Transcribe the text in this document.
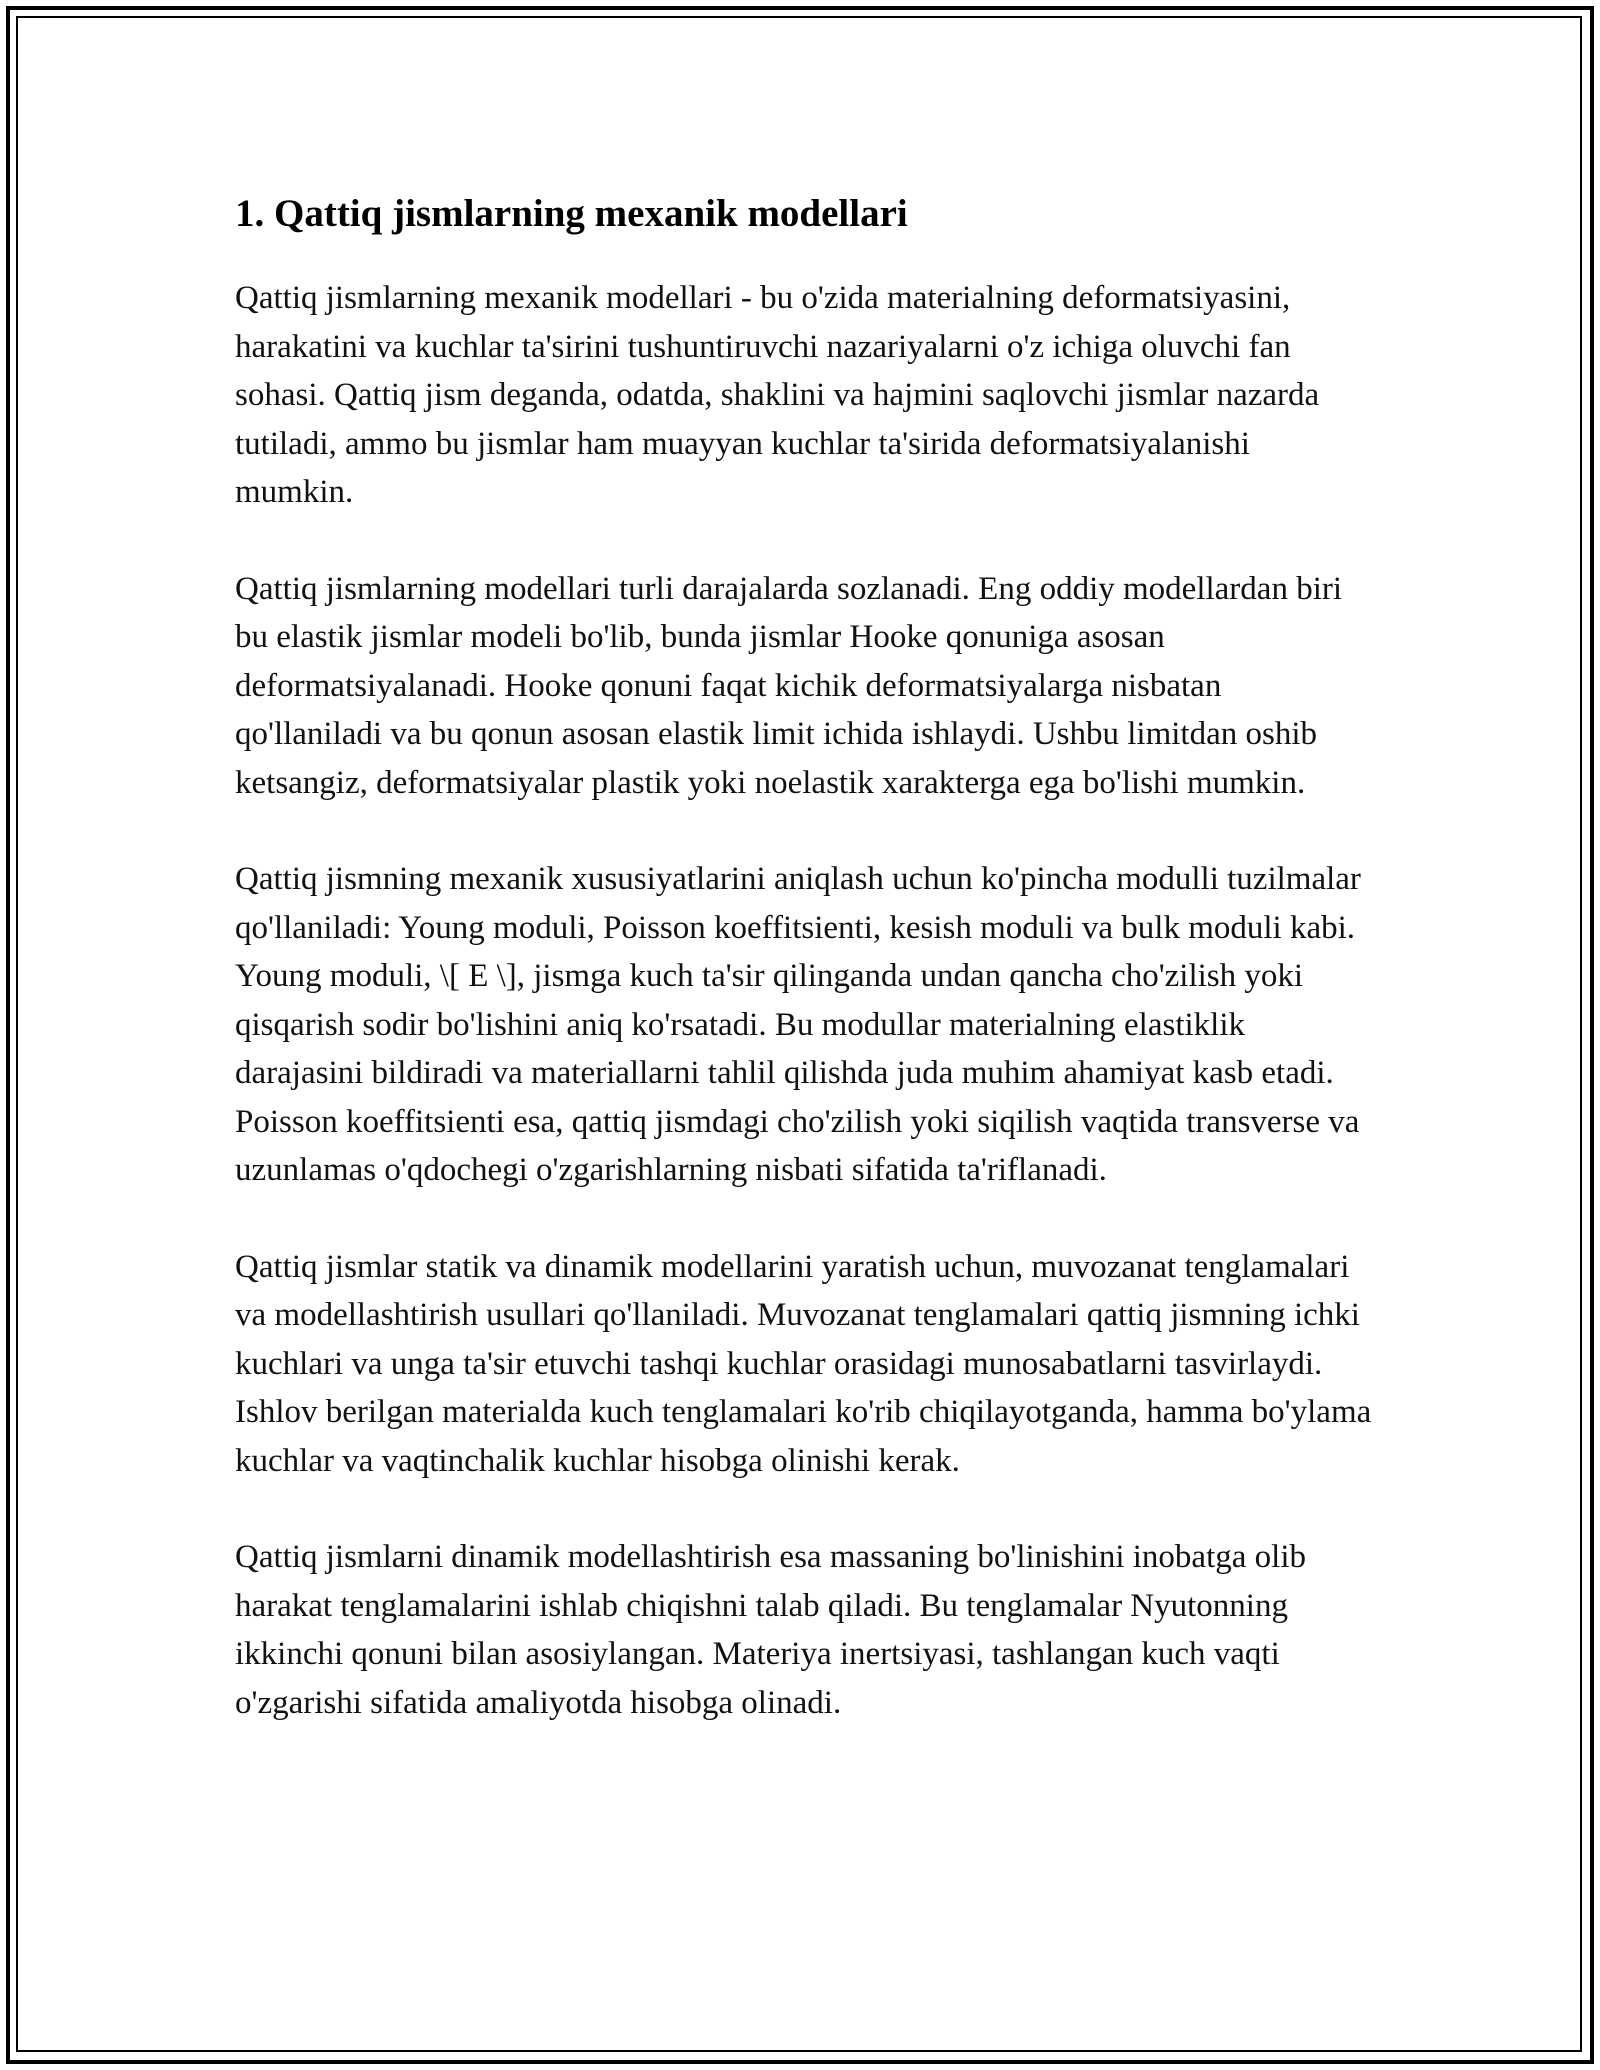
1. Qattiq jismlarning mexanik modellari

Qattiq jismlarning mexanik modellari - bu o'zida materialning deformatsiyasini, harakatini va kuchlar ta'sirini tushuntiruvchi nazariyalarni o'z ichiga oluvchi fan sohasi. Qattiq jism deganda, odatda, shaklini va hajmini saqlovchi jismlar nazarda tutiladi, ammo bu jismlar ham muayyan kuchlar ta'sirida deformatsiyalanishi mumkin.

Qattiq jismlarning modellari turli darajalarda sozlanadi. Eng oddiy modellardan biri bu elastik jismlar modeli bo'lib, bunda jismlar Hooke qonuniga asosan deformatsiyalanadi. Hooke qonuni faqat kichik deformatsiyalarga nisbatan qo'llaniladi va bu qonun asosan elastik limit ichida ishlaydi. Ushbu limitdan oshib ketsangiz, deformatsiyalar plastik yoki noelastik xarakterga ega bo'lishi mumkin.

Qattiq jismning mexanik xususiyatlarini aniqlash uchun ko'pincha modulli tuzilmalar qo'llaniladi: Young moduli, Poisson koeffitsienti, kesish moduli va bulk moduli kabi. Young moduli, \[ E \], jismga kuch ta'sir qilinganda undan qancha cho'zilish yoki qisqarish sodir bo'lishini aniq ko'rsatadi. Bu modullar materialning elastiklik darajasini bildiradi va materiallarni tahlil qilishda juda muhim ahamiyat kasb etadi. Poisson koeffitsienti esa, qattiq jismdagi cho'zilish yoki siqilish vaqtida transverse va uzunlamas o'qdochegi o'zgarishlarning nisbati sifatida ta'riflanadi.

Qattiq jismlar statik va dinamik modellarini yaratish uchun, muvozanat tenglamalari va modellashtirish usullari qo'llaniladi. Muvozanat tenglamalari qattiq jismning ichki kuchlari va unga ta'sir etuvchi tashqi kuchlar orasidagi munosabatlarni tasvirlaydi. Ishlov berilgan materialda kuch tenglamalari ko'rib chiqilayotganda, hamma bo'ylama kuchlar va vaqtinchalik kuchlar hisobga olinishi kerak.

Qattiq jismlarni dinamik modellashtirish esa massaning bo'linishini inobatga olib harakat tenglamalarini ishlab chiqishni talab qiladi. Bu tenglamalar Nyutonning ikkinchi qonuni bilan asosiylangan. Materiya inertsiyasi, tashlangan kuch vaqti o'zgarishi sifatida amaliyotda hisobga olinadi.
